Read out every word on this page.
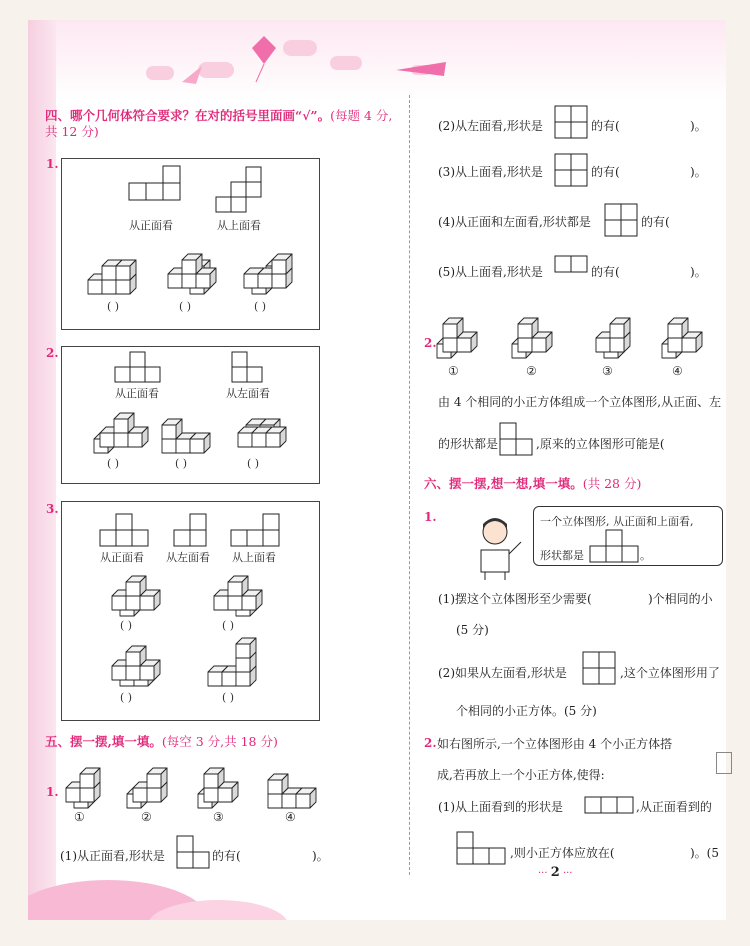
四、哪个几何体符合要求？在对的括号里面画“√”。(每题 4 分,
共 12 分)
1.
2.
3.
从正面看	从上面看
( )	( )	( )
从正面看	从左面看
( )	( )	( )
从正面看 从左面看 从上面看
( )	( )
( )	( )
五、摆一摆,填一填。(每空 3 分,共 18 分)
1.
①	②	③	④
(1)从正面看,形状是	的有(	)。
(2)从左面看,形状是	的有(	)。
(3)从上面看,形状是	的有(	)。
(4)从正面和左面看,形状都是	的有(
(5)从上面看,形状是	的有(	)。
2.
①	②	③	④
由 4 个相同的小正方体组成一个立体图形,从正面、左
的形状都是	,原来的立体图形可能是(
六、摆一摆,想一想,填一填。(共 28 分)
1.	一个立体图形, 从正面和上面看,
形状都是	。
(1)摆这个立体图形至少需要(	)个相同的小
(5 分)
(2)如果从左面看,形状是	,这个立体图形用了
个相同的小正方体。(5 分)
2. 如右图所示,一个立体图形由 4 个小正方体搭
成,若再放上一个小正方体,使得:
(1)从上面看到的形状是	,从正面看到的
,则小正方体应放在(	)。(5
··· 2 ···
